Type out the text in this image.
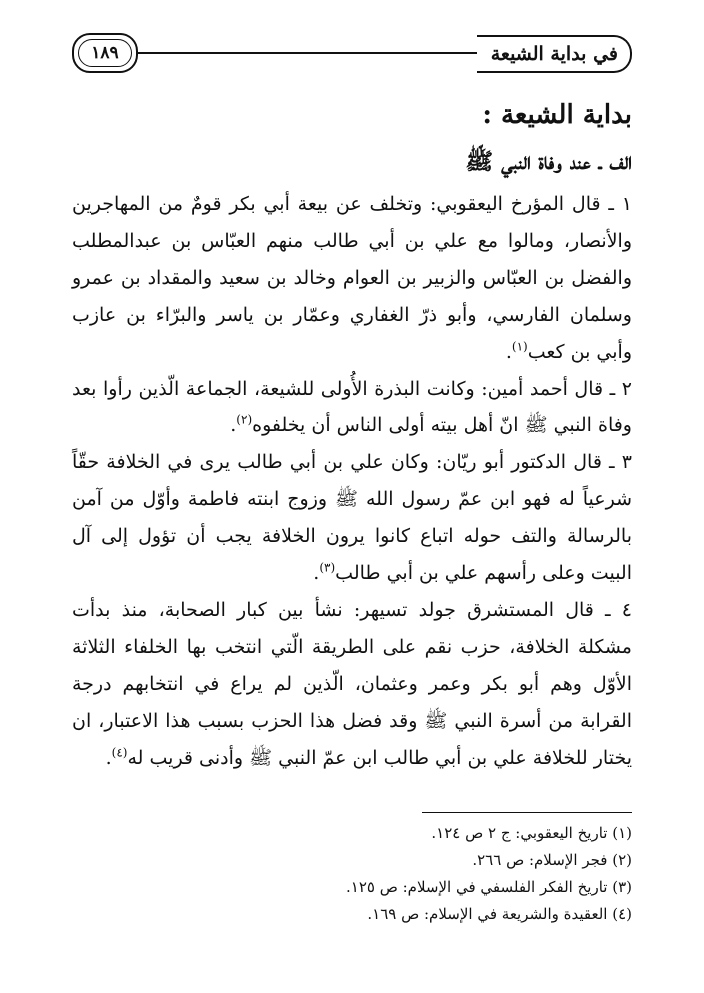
في بداية الشيعة
١٨٩
بداية الشيعة :
الف ـ عند وفاة النبي ﷺ

١ ـ قال المؤرخ اليعقوبي: وتخلف عن بيعة أبي بكر قومٌ من المهاجرين والأنصار، ومالوا مع علي بن أبي طالب منهم العبّاس بن عبدالمطلب والفضل بن العبّاس والزبير بن العوام وخالد بن سعيد والمقداد بن عمرو وسلمان الفارسي، وأبو ذرّ الغفاري وعمّار بن ياسر والبرّاء بن عازب وأبي بن كعب$^{(١)}$.

٢ ـ قال أحمد أمين: وكانت البذرة الأُولى للشيعة، الجماعة الّذين رأوا بعد وفاة النبي ﷺ انّ أهل بيته أولى الناس أن يخلفوه$^{(٢)}$.

٣ ـ قال الدكتور أبو ريّان: وكان علي بن أبي طالب يرى في الخلافة حقّاً شرعياً له فهو ابن عمّ رسول الله ﷺ وزوج ابنته فاطمة وأوّل من آمن بالرسالة والتف حوله اتباع كانوا يرون الخلافة يجب أن تؤول إلى آل البيت وعلى رأسهم علي بن أبي طالب$^{(٣)}$.

٤ ـ قال المستشرق جولد تسيهر: نشأ بين كبار الصحابة، منذ بدأت مشكلة الخلافة، حزب نقم على الطريقة الّتي انتخب بها الخلفاء الثلاثة الأوّل وهم أبو بكر وعمر وعثمان، الّذين لم يراع في انتخابهم درجة القرابة من أسرة النبي ﷺ وقد فضل هذا الحزب بسبب هذا الاعتبار، ان يختار للخلافة علي بن أبي طالب ابن عمّ النبي ﷺ وأدنى قريب له$^{(٤)}$.

(١) تاريخ اليعقوبي: ج ٢ ص ١٢٤.

(٢) فجر الإسلام: ص ٢٦٦.

(٣) تاريخ الفكر الفلسفي في الإسلام: ص ١٢٥.

(٤) العقيدة والشريعة في الإسلام: ص ١٦٩.
